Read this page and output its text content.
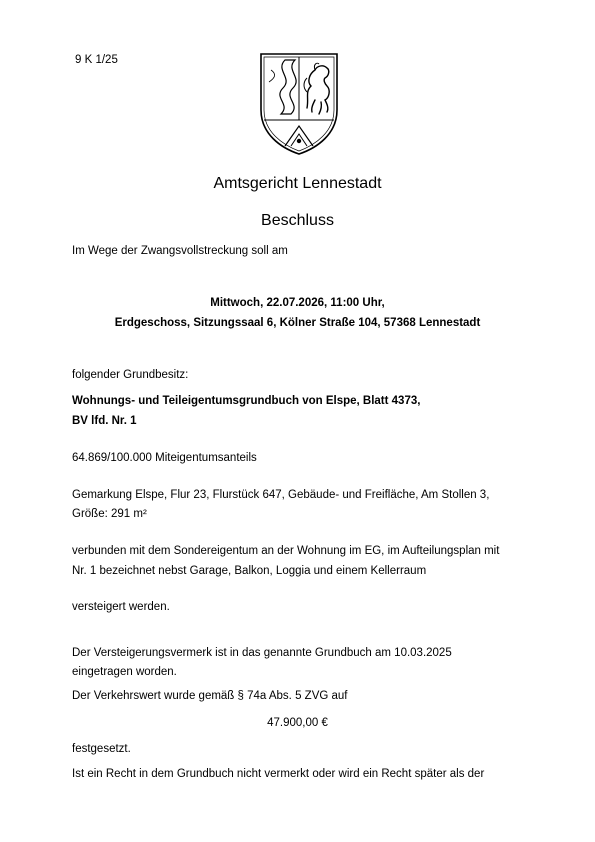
9 K 1/25
Amtsgericht Lennestadt
Beschluss
Im Wege der Zwangsvollstreckung soll am
Mittwoch, 22.07.2026, 11:00 Uhr,
Erdgeschoss, Sitzungssaal 6, Kölner Straße 104, 57368 Lennestadt
folgender Grundbesitz:
Wohnungs- und Teileigentumsgrundbuch von Elspe, Blatt 4373,
BV lfd. Nr. 1
64.869/100.000 Miteigentumsanteils
Gemarkung Elspe, Flur 23, Flurstück 647, Gebäude- und Freifläche, Am Stollen 3,
Größe: 291 m²
verbunden mit dem Sondereigentum an der Wohnung im EG, im Aufteilungsplan mit
Nr. 1 bezeichnet nebst Garage, Balkon, Loggia und einem Kellerraum
versteigert werden.
Der Versteigerungsvermerk ist in das genannte Grundbuch am 10.03.2025
eingetragen worden.
Der Verkehrswert wurde gemäß § 74a Abs. 5 ZVG auf
47.900,00 €
festgesetzt.
Ist ein Recht in dem Grundbuch nicht vermerkt oder wird ein Recht später als der
